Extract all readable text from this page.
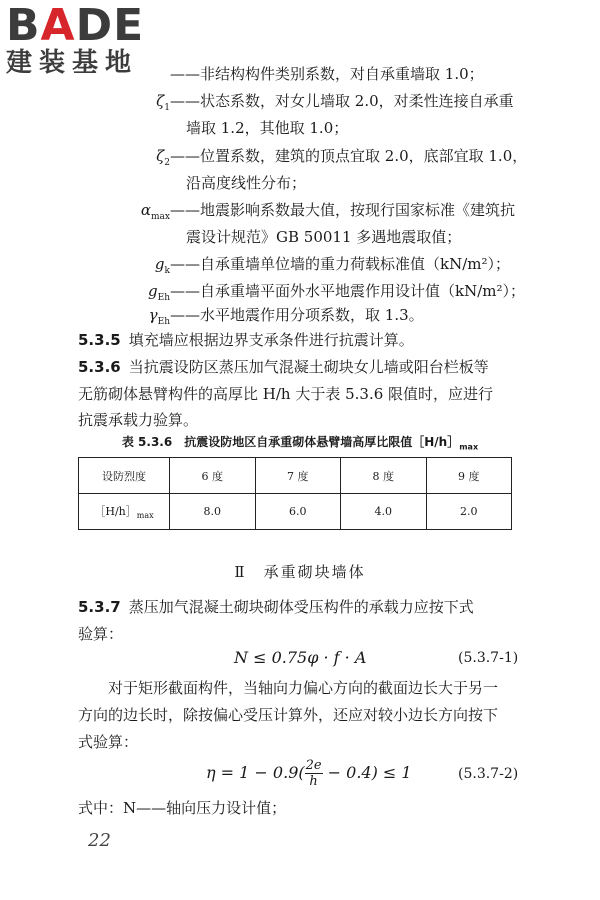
BADE
建装基地	——非结构构件类别系数，对自承重墙取 1.0；
$\zeta_1——$状态系数，对女儿墙取 2.0，对柔性连接自承重
墙取 1.2，其他取 1.0；
$\zeta_2——$位置系数，建筑的顶点宜取 2.0，底部宜取 1.0，
沿高度线性分布；
$\alpha_{max}——$地震影响系数最大值，按现行国家标准《建筑抗
震设计规范》GB 50011 多遇地震取值；
$g_k——$自承重墙单位墙的重力荷载标准值（kN/m²）；
$g_{Eh}——$自承重墙平面外水平地震作用设计值（kN/m²）；
$\gamma_{Eh}——$水平地震作用分项系数，取 1.3。
5.3.5 填充墙应根据边界支承条件进行抗震计算。
5.3.6 当抗震设防区蒸压加气混凝土砌块女儿墙或阳台栏板等
无筋砌体悬臂构件的高厚比 H/h 大于表 5.3.6 限值时，应进行
抗震承载力验算。
表 5.3.6　抗震设防地区自承重砌体悬臂墙高厚比限值$[H/h]_{max}$
设防烈度	6 度	7 度	8 度	9 度
$[H/h]_{max}$	8.0	6.0	4.0	2.0
Ⅱ　承重砌块墙体
5.3.7 蒸压加气混凝土砌块砌体受压构件的承载力应按下式
验算：
N ≤ 0.75φ · f · A	(5.3.7-1)
对于矩形截面构件，当轴向力偏心方向的截面边长大于另一
方向的边长时，除按偏心受压计算外，还应对较小边长方向按下
式验算：
$\eta = 1 - 0.9( \frac{2e}{h} - 0.4) \le 1$	(5.3.7-2)
式中：N——轴向压力设计值；
22
